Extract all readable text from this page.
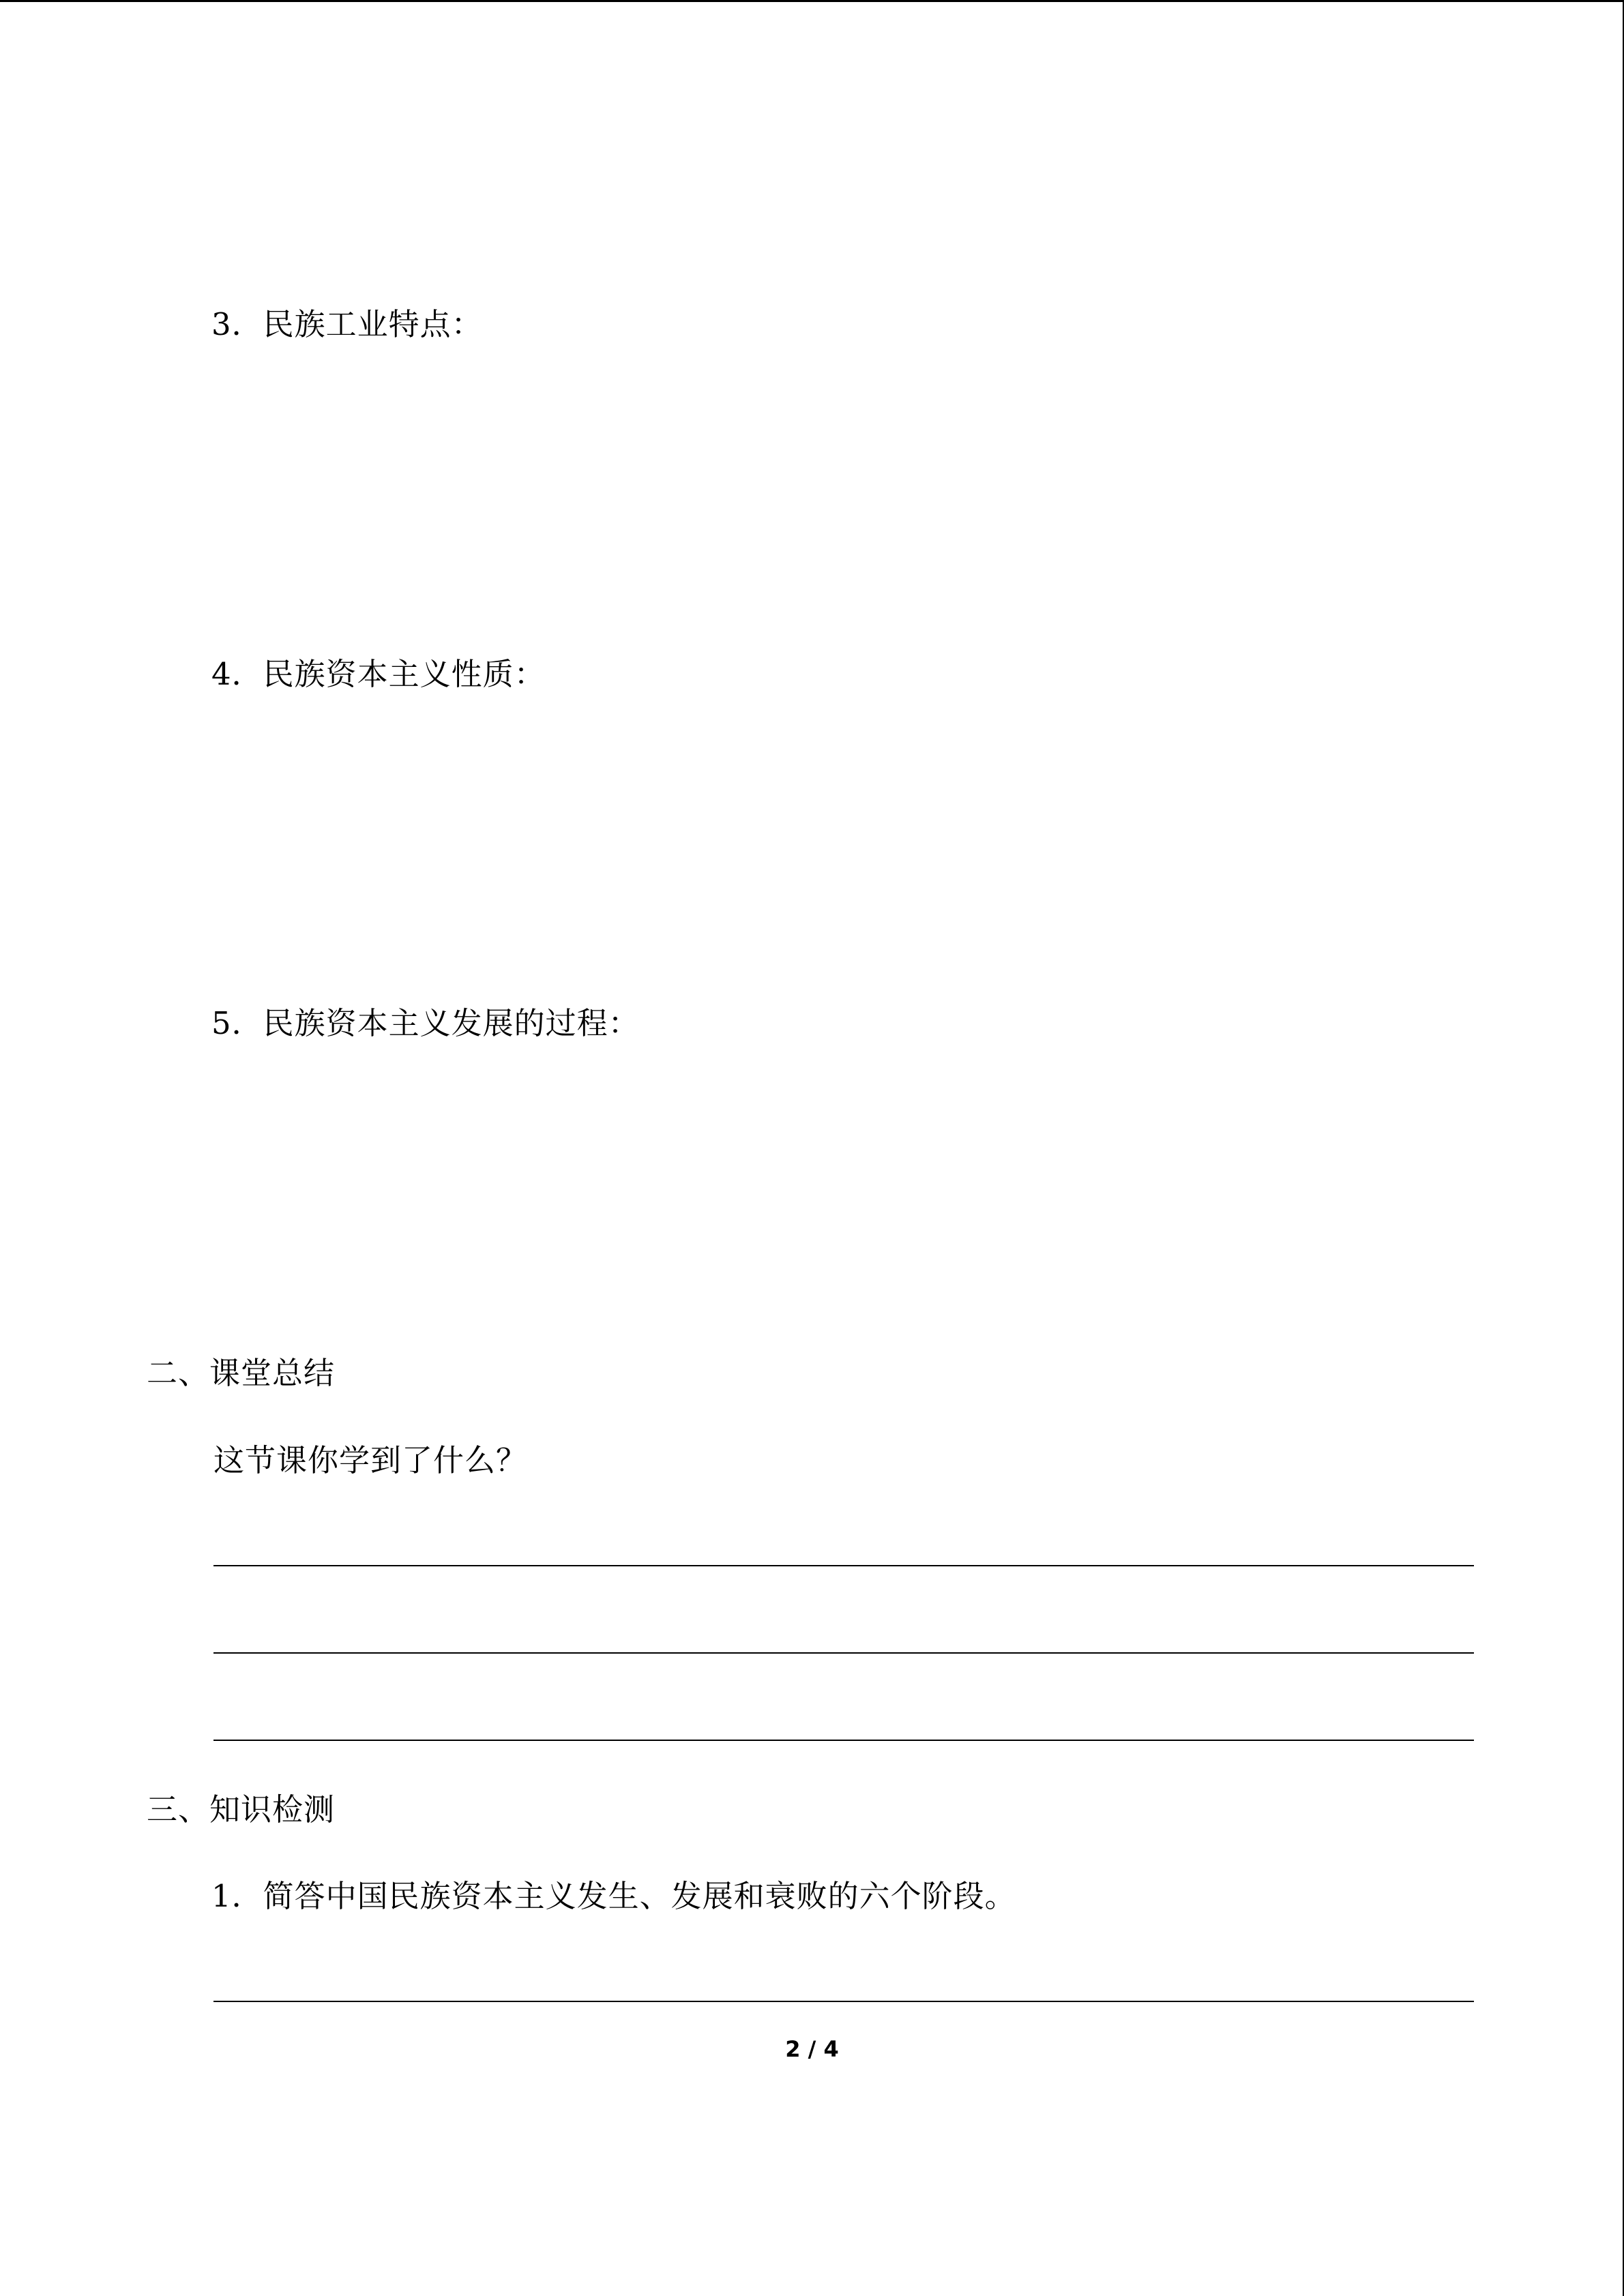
3．民族工业特点：
4．民族资本主义性质：
5．民族资本主义发展的过程：
二、课堂总结
这节课你学到了什么？
三、知识检测
1．简答中国民族资本主义发生、发展和衰败的六个阶段。
2 / 4
